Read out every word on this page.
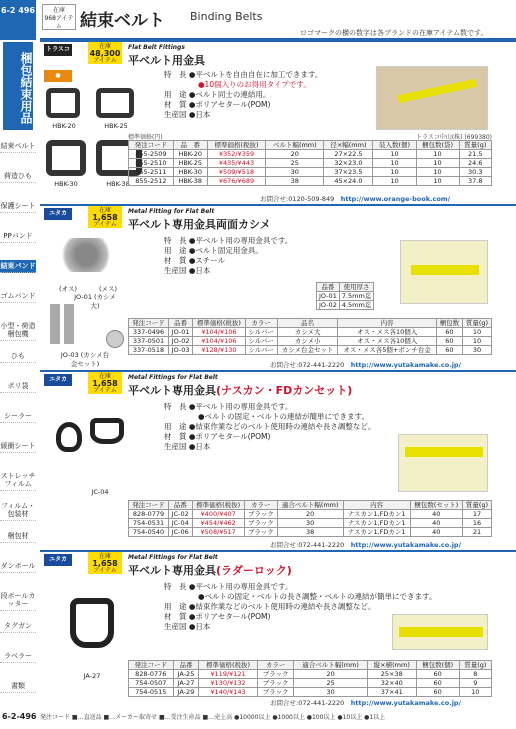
6-2 496
梱包結束用品
在庫
968アイテム	結束ベルト Binding Belts
ロゴマークの横の数字は各ブランドの在庫アイテム数です。
トラスコ	在庫
48,300
アイテム
Flat Belt Fittings
平ベルト用金具
●
HBK-20	HBK-25
HBK-30	HBK-38
特　長 ●平ベルトを自由自在に加工できます。
●10個入りのお得用タイプです。
用　途 ●ベルト同士の連結用。
材　質 ●ポリアセタール(POM)
生産国 ●日本
トラスコ中山(株) (699380)
標準価格(円)
発注コード	品　番	標準価格(税抜)	ベルト幅(mm)	径×幅(mm)	装入数(個)	梱包数(袋)	質量(g)
855-2509	HBK-20	¥352/¥359	20	27×22.5	10	10	21.5
855-2510	HBK-25	¥435/¥443	25	32×23.0	10	10	24.6
855-2511	HBK-30	¥509/¥518	30	37×23.5	10	10	30.3
855-2512	HBK-38	¥676/¥689	38	45×24.0	10	10	37.8
お問合せ:0120-509-849　 http://www.orange-book.com/
ユタカ	在庫
1,658
アイテム
Metal Fitting for Flat Belt
平ベルト専用金具両面カシメ
(オス)	(メス)
JO-01 (カシメ大)
JO-03 (カシメ台金セット)
特　長 ●平ベルト用の専用金具です。
用　途 ●ベルト固定用金具。
材　質 ●スチール
生産国 ●日本
品番	使用厚さ
JO-01	7.5mm迄
JO-02	4.5mm迄
発注コード	品番	標準価格(税抜)	カラー	品名	内容	梱包数	質量(g)
337-0496	JO-01	¥104/¥106	シルバー	カシメ大	オス・メス各10個入	60	10
337-0501	JO-02	¥104/¥106	シルバー	カシメ小	オス・メス各10個入	60	10
337-0518	JO-03	¥128/¥130	シルバー	カシメ台金セット	オス・メス各5個+ポンチ台金	60	30
お問合せ:072-441-2220　 http://www.yutakamake.co.jp/
ユタカ	在庫
1,658
アイテム
Metal Fittings for Flat Belt
平ベルト専用金具(ナスカン・FDカンセット)
JC-04
特　長 ●平ベルト用の専用金具です。
●ベルトの固定・ベルトの連結が簡単にできます。
用　途 ●結束作業などのベルト使用時の連結や長さ調整など。
材　質 ●ポリアセタール(POM)
生産国 ●日本
発注コード	品番	標準価格(税抜)	カラー	適合ベルト幅(mm)	内容	梱包数(セット)	質量(g)
828-0779	JC-02	¥400/¥407	ブラック	20	ナスカン1,FDカン1	40	17
754-0531	JC-04	¥454/¥462	ブラック	30	ナスカン1,FDカン1	40	16
754-0540	JC-06	¥508/¥517	ブラック	38	ナスカン1,FDカン1	40	21
お問合せ:072-441-2220　 http://www.yutakamake.co.jp/
ユタカ	在庫
1,658
アイテム
Metal Fittings for Flat Belt
平ベルト専用金具(ラダーロック)
JA-27
特　長 ●平ベルト用の専用金具です。
●ベルトの固定・ベルトの長さ調整・ベルトの連結が簡単にできます。
用　途 ●結束作業などのベルト使用時の連結や長さ調整など。
材　質 ●ポリアセタール(POM)
生産国 ●日本
発注コード	品番	標準価格(税抜)	カラー	適合ベルト幅(mm)	縦×横(mm)	梱包数(個)	質量(g)
828-0776	JA-25	¥119/¥121	ブラック	20	25×38	60	8
754-0507	JA-27	¥130/¥132	ブラック	25	32×40	60	9
754-0515	JA-29	¥140/¥143	ブラック	30	37×41	60	10
お問合せ:072-441-2220　 http://www.yutakamake.co.jp/
6-2-496 発注コード ■…直送品 ■…メーカー取寄せ ■…受注生産品 ■…売上高 ●10000以上 ●1000以上 ●100以上 ●10以上 ●1以上
結束ベルト
荷造ひも
保護シート
PPバンド
結束バンド
ゴムバンド
小型・荷造梱包機
ひも
ポリ袋
シーラー
緩衝シート
ストレッチフィルム
フィルム・包装材
梱包材
ダンボール
段ボールカッター
タグガン
ラベラー
書類
